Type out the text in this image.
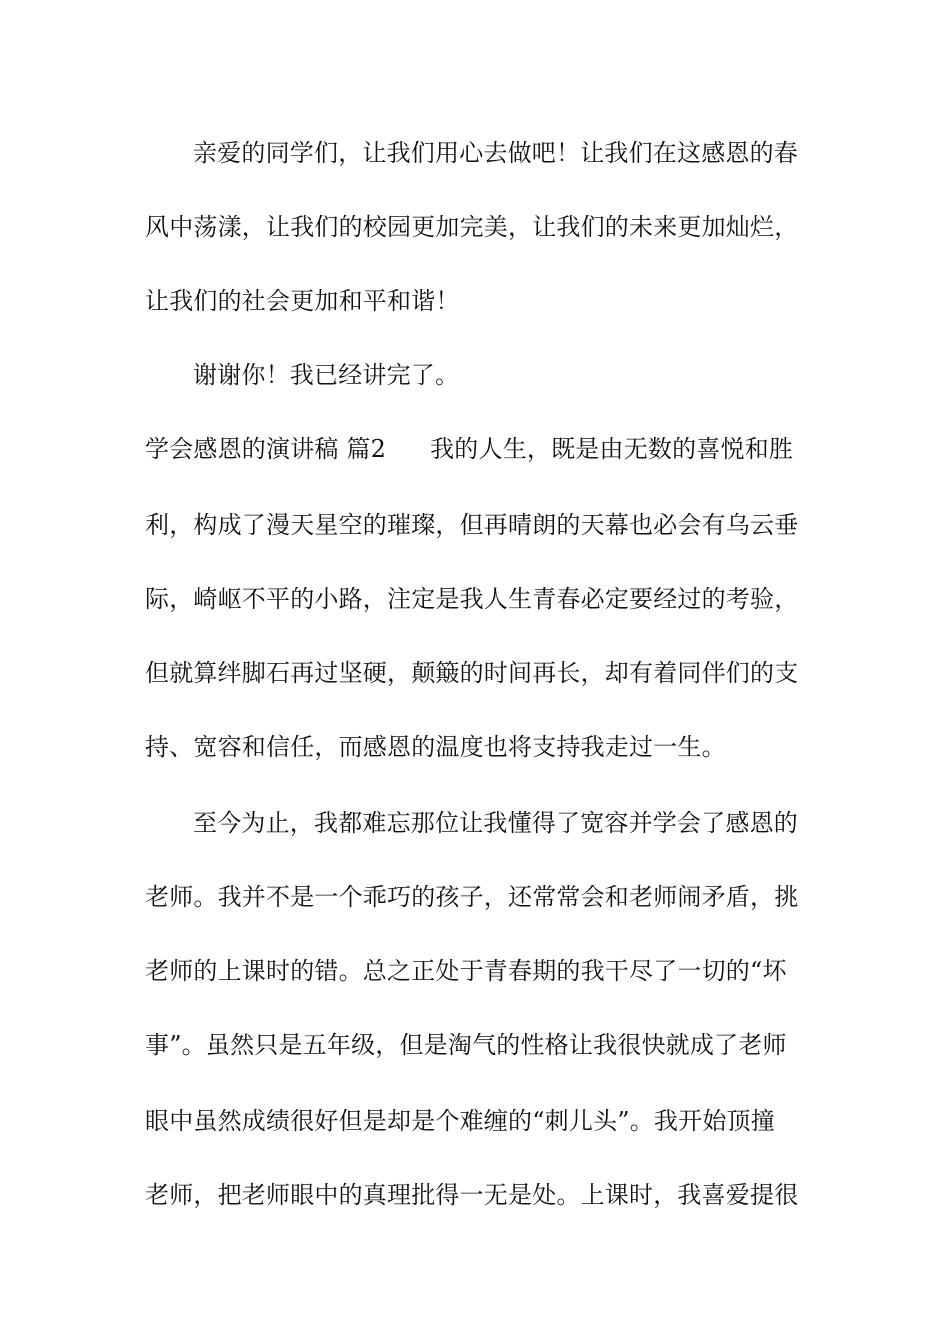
亲爱的同学们，让我们用心去做吧！让我们在这感恩的春
风中荡漾，让我们的校园更加完美，让我们的未来更加灿烂，
让我们的社会更加和平和谐！
谢谢你！我已经讲完了。
学会感恩的演讲稿 篇2 我的人生，既是由无数的喜悦和胜
利，构成了漫天星空的璀璨，但再晴朗的天幕也必会有乌云垂
际，崎岖不平的小路，注定是我人生青春必定要经过的考验，
但就算绊脚石再过坚硬，颠簸的时间再长，却有着同伴们的支
持、宽容和信任，而感恩的温度也将支持我走过一生。
至今为止，我都难忘那位让我懂得了宽容并学会了感恩的
老师。我并不是一个乖巧的孩子，还常常会和老师闹矛盾，挑
老师的上课时的错。总之正处于青春期的我干尽了一切的“坏
事”。虽然只是五年级，但是淘气的性格让我很快就成了老师
眼中虽然成绩很好但是却是个难缠的“刺儿头”。我开始顶撞
老师，把老师眼中的真理批得一无是处。上课时，我喜爱提很
